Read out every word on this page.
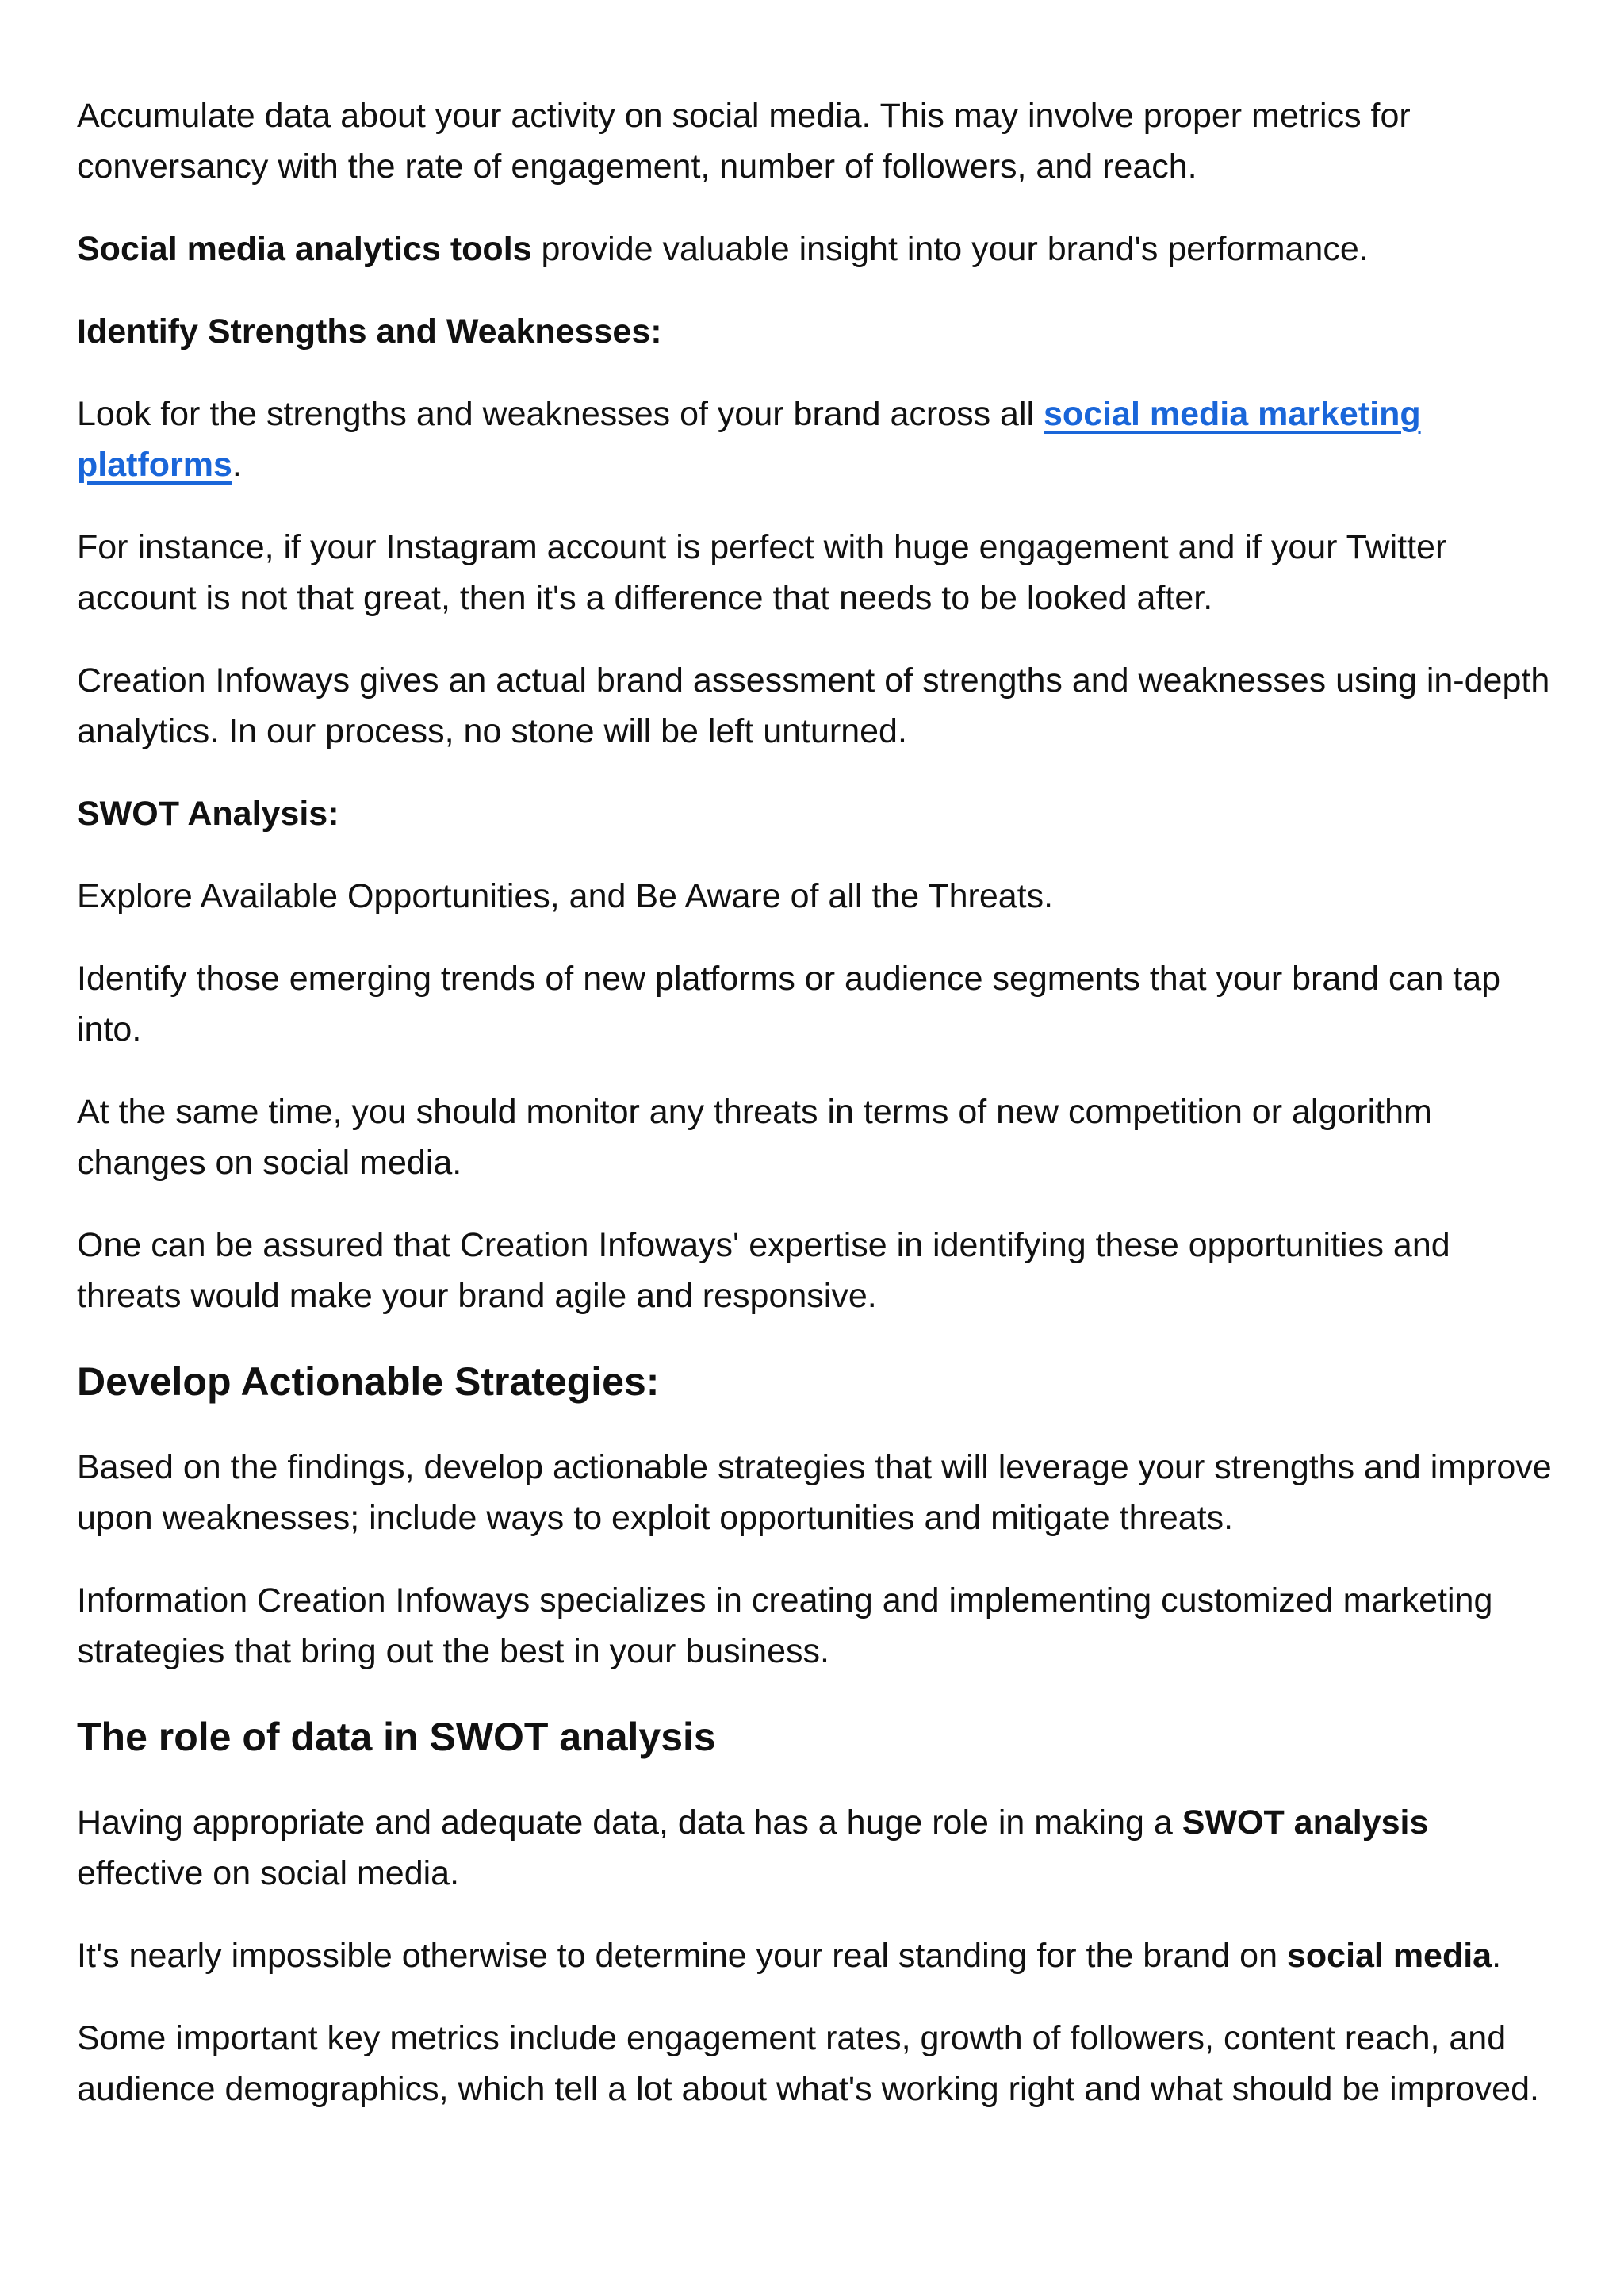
Accumulate data about your activity on social media. This may involve proper metrics for conversancy with the rate of engagement, number of followers, and reach.

Social media analytics tools provide valuable insight into your brand's performance.

Identify Strengths and Weaknesses:

Look for the strengths and weaknesses of your brand across all social media marketing platforms.

For instance, if your Instagram account is perfect with huge engagement and if your Twitter account is not that great, then it's a difference that needs to be looked after.

Creation Infoways gives an actual brand assessment of strengths and weaknesses using in-depth analytics. In our process, no stone will be left unturned.

SWOT Analysis:

Explore Available Opportunities, and Be Aware of all the Threats.

Identify those emerging trends of new platforms or audience segments that your brand can tap into.

At the same time, you should monitor any threats in terms of new competition or algorithm changes on social media.

One can be assured that Creation Infoways' expertise in identifying these opportunities and threats would make your brand agile and responsive.

Develop Actionable Strategies:

Based on the findings, develop actionable strategies that will leverage your strengths and improve upon weaknesses; include ways to exploit opportunities and mitigate threats.

Information Creation Infoways specializes in creating and implementing customized marketing strategies that bring out the best in your business.

The role of data in SWOT analysis

Having appropriate and adequate data, data has a huge role in making a SWOT analysis effective on social media.

It's nearly impossible otherwise to determine your real standing for the brand on social media.

Some important key metrics include engagement rates, growth of followers, content reach, and audience demographics, which tell a lot about what's working right and what should be improved.
